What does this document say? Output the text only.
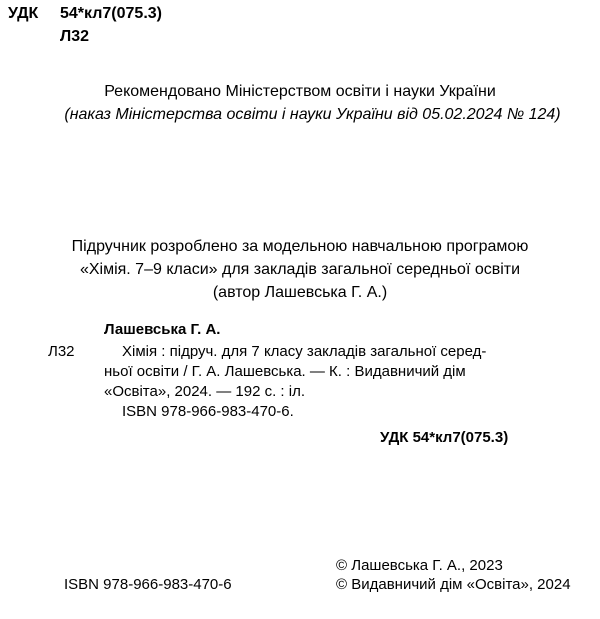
УДК 54*кл7(075.3)
Л32
Рекомендовано Міністерством освіти і науки України
(наказ Міністерства освіти і науки України від 05.02.2024 № 124)
Підручник розроблено за модельною навчальною програмою
«Хімія. 7–9 класи» для закладів загальної середньої освіти
(автор Лашевська Г. А.)
Лашевська Г. А.
Л32	Хімія : підруч. для 7 класу закладів загальної серед-
ньої освіти / Г. А. Лашевська. — К. : Видавничий дім
«Освіта», 2024. — 192 с. : іл.
ISBN 978-966-983-470-6.
УДК 54*кл7(075.3)
© Лашевська Г. А., 2023
ISBN 978-966-983-470-6	© Видавничий дім «Освіта», 2024
